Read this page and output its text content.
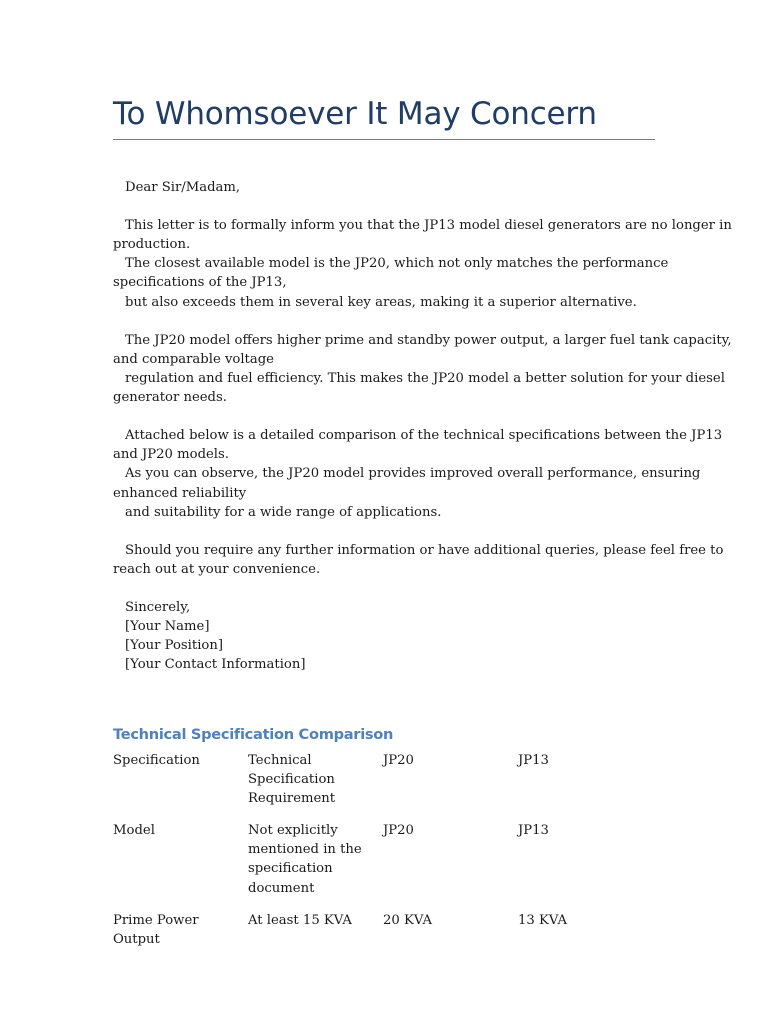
To Whomsoever It May Concern
Dear Sir/Madam,
This letter is to formally inform you that the JP13 model diesel generators are no longer in
production.
The closest available model is the JP20, which not only matches the performance
specifications of the JP13,
but also exceeds them in several key areas, making it a superior alternative.
The JP20 model offers higher prime and standby power output, a larger fuel tank capacity,
and comparable voltage
regulation and fuel efficiency. This makes the JP20 model a better solution for your diesel
generator needs.
Attached below is a detailed comparison of the technical specifications between the JP13
and JP20 models.
As you can observe, the JP20 model provides improved overall performance, ensuring
enhanced reliability
and suitability for a wide range of applications.
Should you require any further information or have additional queries, please feel free to
reach out at your convenience.
Sincerely,
[Your Name]
[Your Position]
[Your Contact Information]
Technical Specification Comparison
Specification	Technical Specification Requirement	JP20	JP13
Model	Not explicitly mentioned in the specification document	JP20	JP13
Prime Power Output	At least 15 KVA	20 KVA	13 KVA
